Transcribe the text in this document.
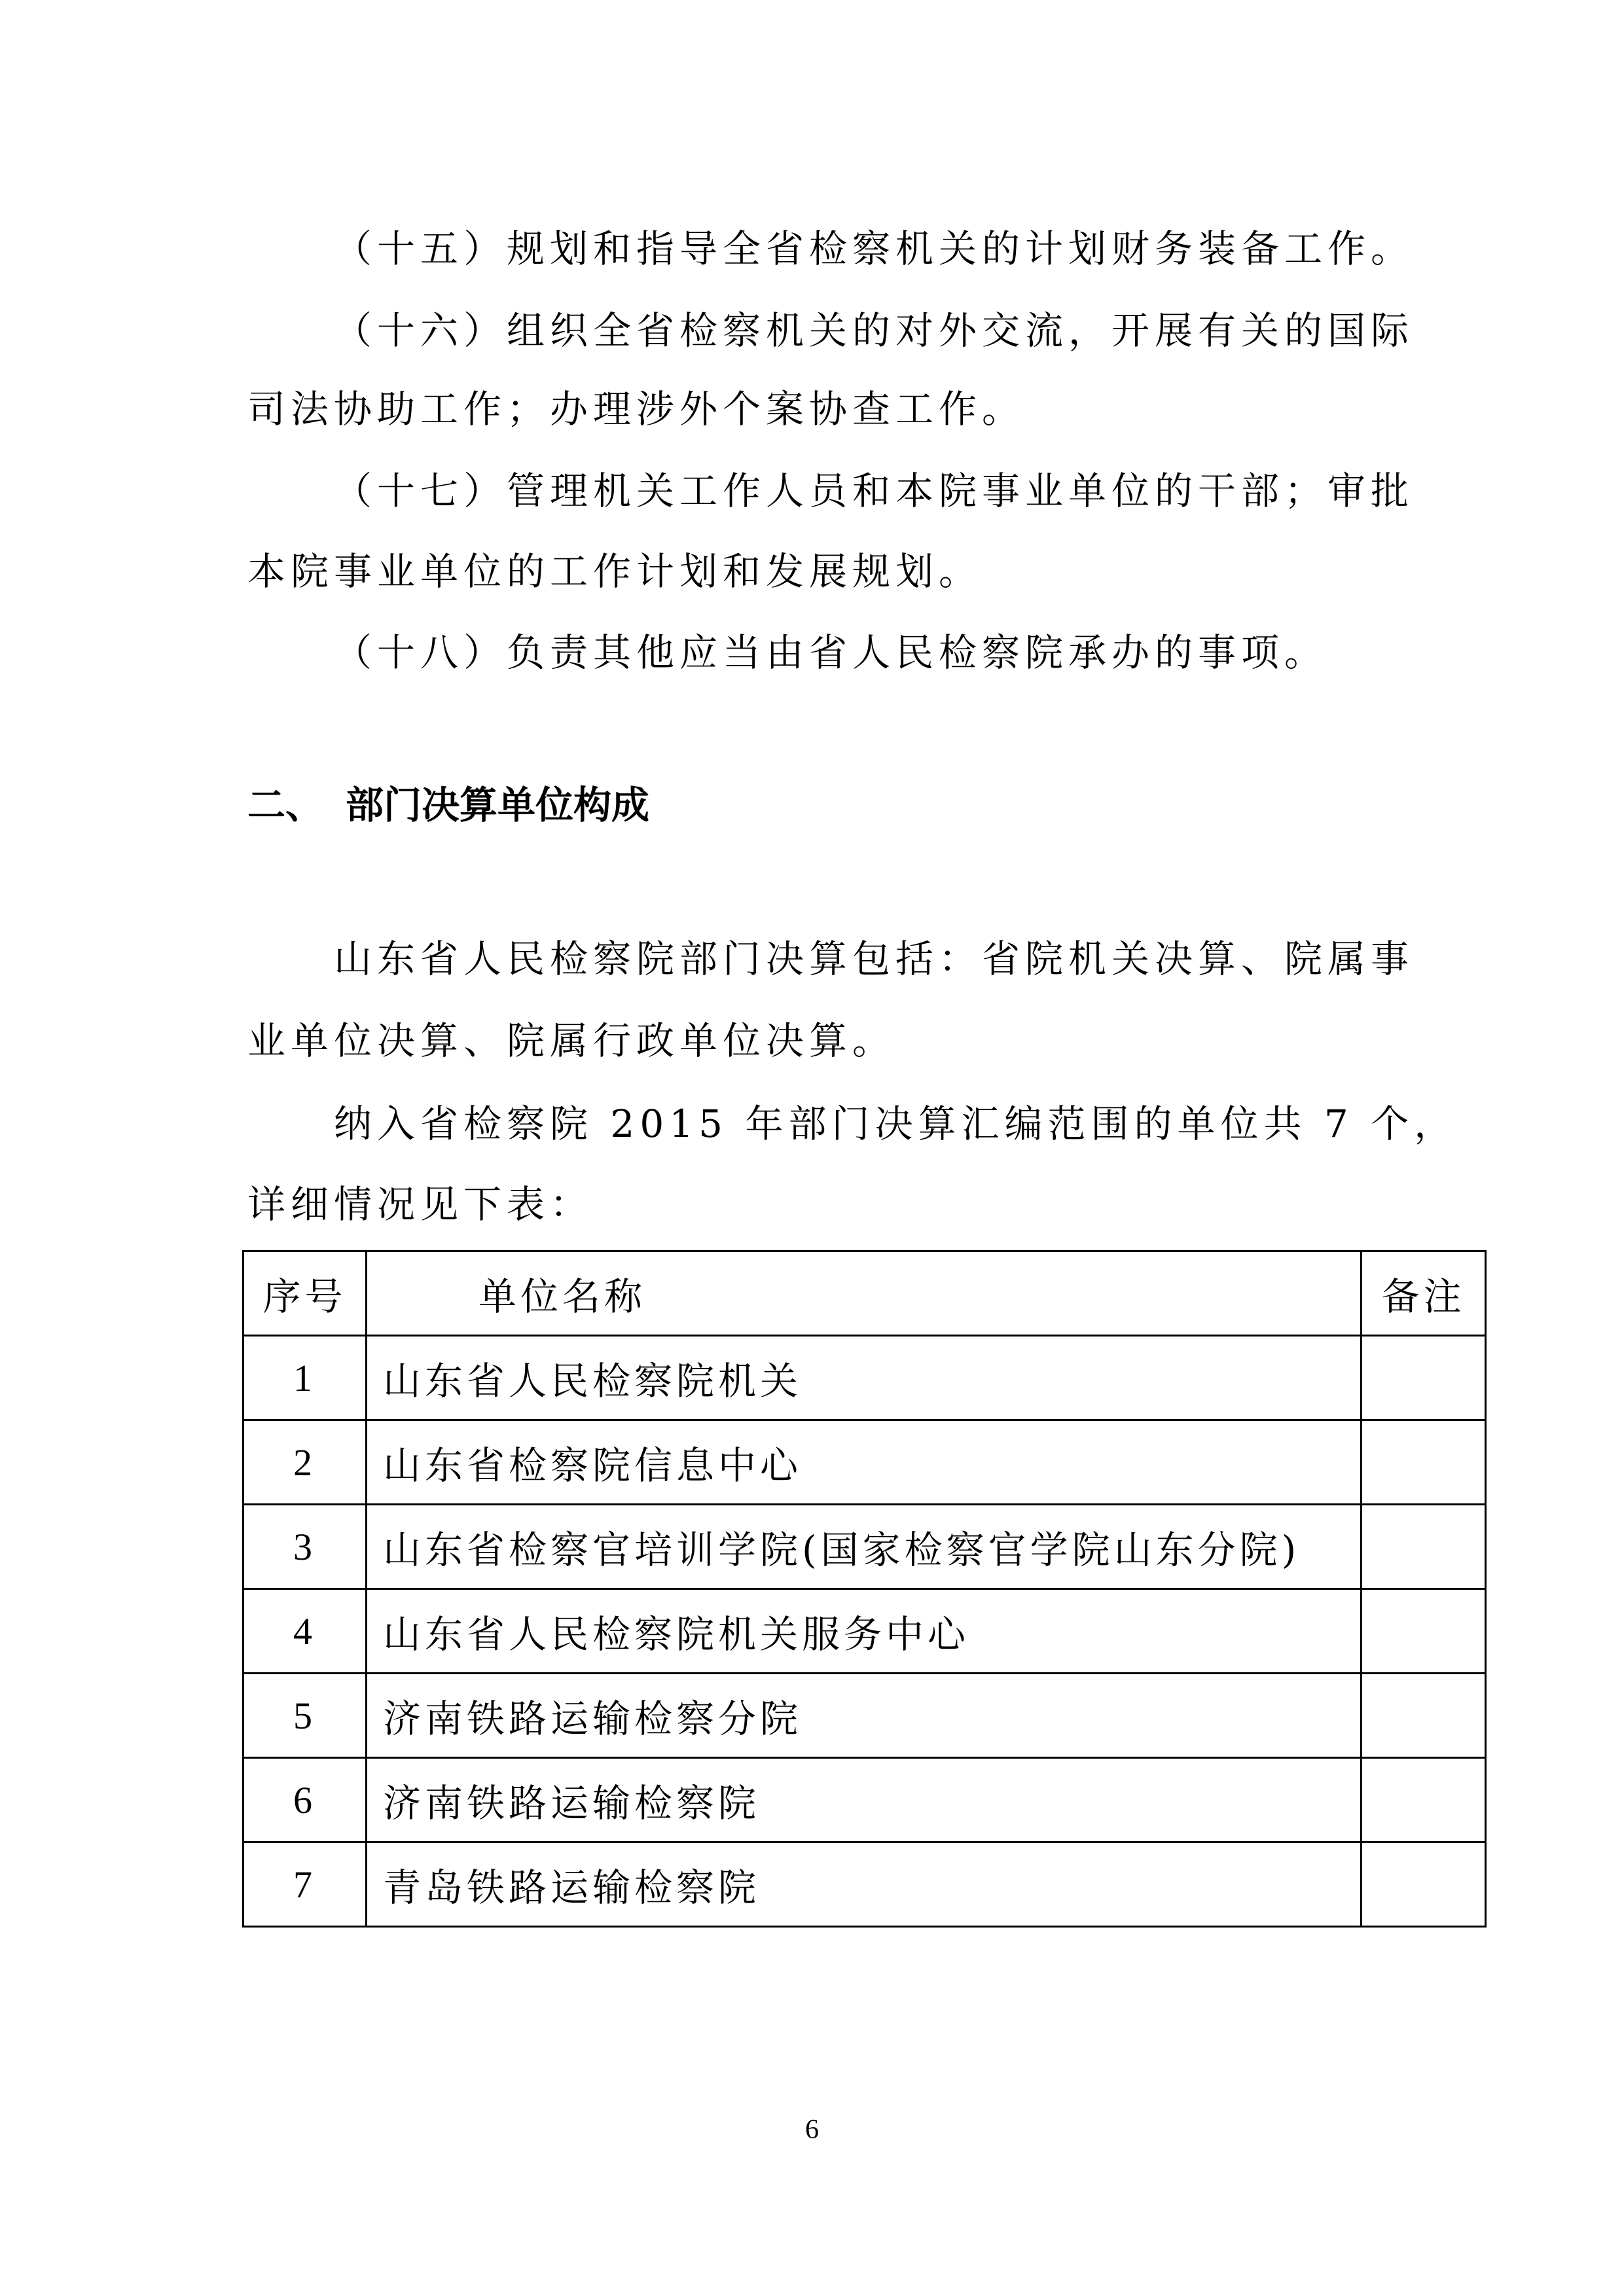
（十五）规划和指导全省检察机关的计划财务装备工作。
（十六）组织全省检察机关的对外交流，开展有关的国际
司法协助工作；办理涉外个案协查工作。
（十七）管理机关工作人员和本院事业单位的干部；审批
本院事业单位的工作计划和发展规划。
（十八）负责其他应当由省人民检察院承办的事项。
二、 部门决算单位构成
山东省人民检察院部门决算包括：省院机关决算、院属事
业单位决算、院属行政单位决算。
纳入省检察院 2015 年部门决算汇编范围的单位共 7 个，
详细情况见下表：
序号	单位名称	备注
1	山东省人民检察院机关	
2	山东省检察院信息中心	
3	山东省检察官培训学院(国家检察官学院山东分院)	
4	山东省人民检察院机关服务中心	
5	济南铁路运输检察分院	
6	济南铁路运输检察院	
7	青岛铁路运输检察院	
6
